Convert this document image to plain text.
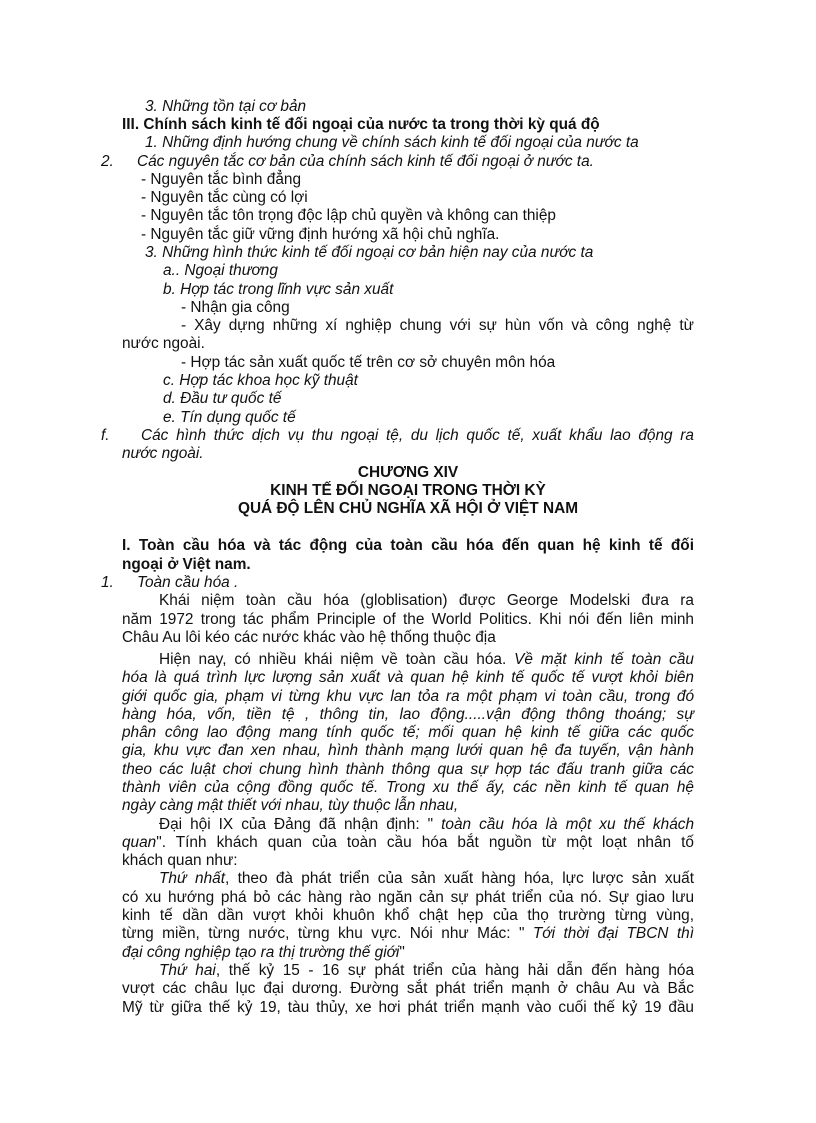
3. Những tồn tại cơ bản
III. Chính sách kinh tế đối ngoại của nước ta trong thời kỳ quá độ
1. Những định hướng chung về chính sách kinh tế đối ngoại của nước ta
2. Các nguyên tắc cơ bản của chính sách kinh tế đối ngoại ở nước ta.
- Nguyên tắc bình đẳng
- Nguyên tắc cùng có lợi
- Nguyên tắc tôn trọng độc lập chủ quyền và không can thiệp
- Nguyên tắc giữ vững định hướng xã hội chủ nghĩa.
3. Những hình thức kinh tế đối ngoại cơ bản hiện nay của nước ta
a.. Ngoại thương
b. Hợp tác trong lĩnh vực sản xuất
- Nhận gia công
- Xây dựng những xí nghiệp chung với sự hùn vốn và công nghệ từ
nước ngoài.
- Hợp tác sản xuất quốc tế trên cơ sở chuyên môn hóa
c. Hợp tác khoa học kỹ thuật
d. Đầu tư quốc tế
e. Tín dụng quốc tế
f. Các hình thức dịch vụ thu ngoại tệ, du lịch quốc tế, xuất khẩu lao động ra
nước ngoài.
CHƯƠNG XIV
KINH TẾ ĐỐI NGOẠI TRONG THỜI KỲ
QUÁ ĐỘ LÊN CHỦ NGHĨA XÃ HỘI Ở VIỆT NAM
I. Toàn cầu hóa và tác động của toàn cầu hóa đến quan hệ kinh tế đối
ngoại ở Việt nam.
1. Toàn cầu hóa .
Khái niệm toàn cầu hóa (globlisation) được George Modelski đưa ra
năm 1972 trong tác phẩm Principle of the World Politics. Khi nói đến liên minh
Châu Au lôi kéo các nước khác vào hệ thống thuộc địa
Hiện nay, có nhiều khái niệm về toàn cầu hóa. Về mặt kinh tế toàn cầu
hóa là quá trình lực lượng sản xuất và quan hệ kinh tế quốc tế vượt khỏi biên
giới quốc gia, phạm vi từng khu vực lan tỏa ra một phạm vi toàn cầu, trong đó
hàng hóa, vốn, tiền tệ , thông tin, lao động.....vận động thông thoáng; sự
phân công lao động mang tính quốc tế; mối quan hệ kinh tế giữa các quốc
gia, khu vực đan xen nhau, hình thành mạng lưới quan hệ đa tuyến, vận hành
theo các luật chơi chung hình thành thông qua sự hợp tác đấu tranh giữa các
thành viên của cộng đồng quốc tế. Trong xu thế ấy, các nền kinh tế quan hệ
ngày càng mật thiết với nhau, tùy thuộc lẫn nhau,
Đại hội IX của Đảng đã nhận định: " toàn cầu hóa là một xu thế khách
quan". Tính khách quan của toàn cầu hóa bắt nguồn từ một loạt nhân tố
khách quan như:
Thứ nhất, theo đà phát triển của sản xuất hàng hóa, lực lược sản xuất
có xu hướng phá bỏ các hàng rào ngăn cản sự phát triển của nó. Sự giao lưu
kinh tế dần dần vượt khỏi khuôn khổ chật hẹp của thọ trường từng vùng,
từng miền, từng nước, từng khu vực. Nói như Mác: " Tới thời đại TBCN thì
đại công nghiệp tạo ra thị trường thế giới"
Thứ hai, thế kỷ 15 - 16 sự phát triển của hàng hải dẫn đến hàng hóa
vượt các châu lục đại dương. Đường sắt phát triển mạnh ở châu Au và Bắc
Mỹ từ giữa thế kỷ 19, tàu thủy, xe hơi phát triển mạnh vào cuối thế kỷ 19 đầu
